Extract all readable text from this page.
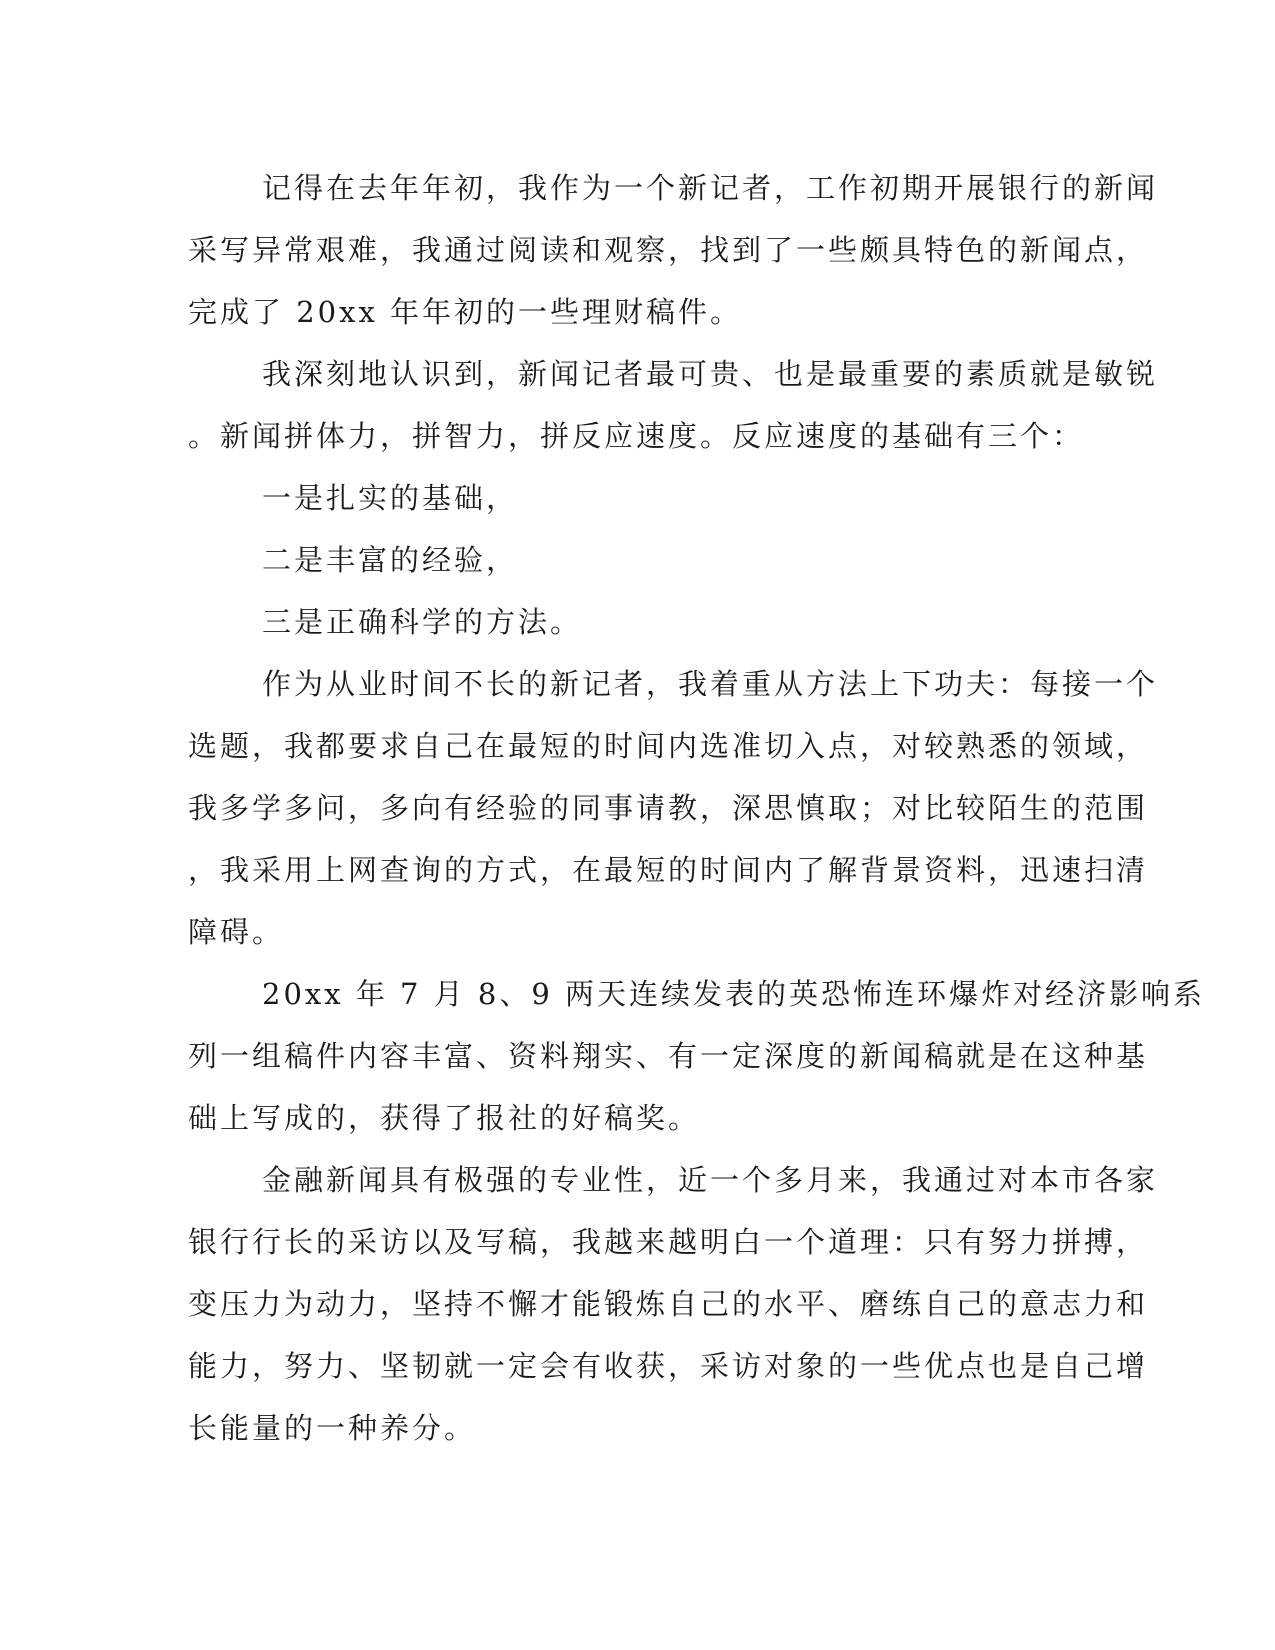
记得在去年年初，我作为一个新记者，工作初期开展银行的新闻
采写异常艰难，我通过阅读和观察，找到了一些颇具特色的新闻点，
完成了 20xx 年年初的一些理财稿件。
我深刻地认识到，新闻记者最可贵、也是最重要的素质就是敏锐
。新闻拼体力，拼智力，拼反应速度。反应速度的基础有三个：
一是扎实的基础，
二是丰富的经验，
三是正确科学的方法。
作为从业时间不长的新记者，我着重从方法上下功夫：每接一个
选题，我都要求自己在最短的时间内选准切入点，对较熟悉的领域，
我多学多问，多向有经验的同事请教，深思慎取；对比较陌生的范围
，我采用上网查询的方式，在最短的时间内了解背景资料，迅速扫清
障碍。
20xx 年 7 月 8、9 两天连续发表的英恐怖连环爆炸对经济影响系
列一组稿件内容丰富、资料翔实、有一定深度的新闻稿就是在这种基
础上写成的，获得了报社的好稿奖。
金融新闻具有极强的专业性，近一个多月来，我通过对本市各家
银行行长的采访以及写稿，我越来越明白一个道理：只有努力拼搏，
变压力为动力，坚持不懈才能锻炼自己的水平、磨练自己的意志力和
能力，努力、坚韧就一定会有收获，采访对象的一些优点也是自己增
长能量的一种养分。
